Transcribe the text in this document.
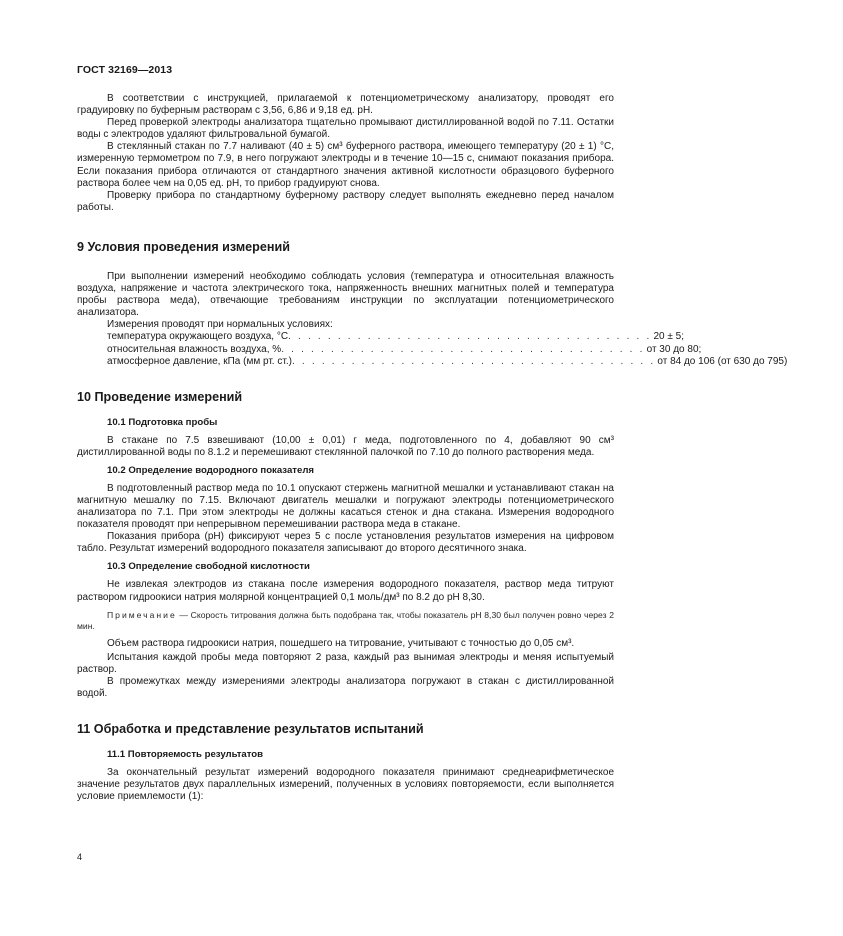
ГОСТ 32169—2013

В соответствии с инструкцией, прилагаемой к потенциометрическому анализатору, проводят его градуировку по буферным растворам с 3,56, 6,86 и 9,18 ед. pH.

Перед проверкой электроды анализатора тщательно промывают дистиллированной водой по 7.11. Остатки воды с электродов удаляют фильтровальной бумагой.

В стеклянный стакан по 7.7 наливают (40 ± 5) см³ буферного раствора, имеющего температуру (20 ± 1) °С, измеренную термометром по 7.9, в него погружают электроды и в течение 10—15 с, снимают показания прибора. Если показания прибора отличаются от стандартного значения активной кислотности образцового буферного раствора более чем на 0,05 ед. pH, то прибор градуируют снова.

Проверку прибора по стандартному буферному раствору следует выполнять ежедневно перед началом работы.

9 Условия проведения измерений

При выполнении измерений необходимо соблюдать условия (температура и относительная влажность воздуха, напряжение и частота электрического тока, напряженность внешних магнитных полей и температура пробы раствора меда), отвечающие требованиям инструкции по эксплуатации потенциометрического анализатора.

Измерения проводят при нормальных условиях:

температура окружающего воздуха, °С . . . . . . . . . . . . . . . . . . . . . . . . . . . . . . . . . . . . . 20 ± 5;
относительная влажность воздуха, % . . . . . . . . . . . . . . . . . . . . . . . . . . . . . . . . . . . . . от 30 до 80;
атмосферное давление, кПа (мм рт. ст.) . . . . . . . . . . . . . . . . . . . . . . . . . . . . . . . . . . . . . от 84 до 106 (от 630 до 795)
10 Проведение измерений
10.1 Подготовка пробы

В стакане по 7.5 взвешивают (10,00 ± 0,01) г меда, подготовленного по 4, добавляют 90 см³ дистиллированной воды по 8.1.2 и перемешивают стеклянной палочкой по 7.10 до полного растворения меда.

10.2 Определение водородного показателя

В подготовленный раствор меда по 10.1 опускают стержень магнитной мешалки и устанавливают стакан на магнитную мешалку по 7.15. Включают двигатель мешалки и погружают электроды потенциометрического анализатора по 7.1. При этом электроды не должны касаться стенок и дна стакана. Измерения водородного показателя проводят при непрерывном перемешивании раствора меда в стакане.

Показания прибора (pH) фиксируют через 5 с после установления результатов измерения на цифровом табло. Результат измерений водородного показателя записывают до второго десятичного знака.

10.3 Определение свободной кислотности

Не извлекая электродов из стакана после измерения водородного показателя, раствор меда титруют раствором гидроокиси натрия молярной концентрацией 0,1 моль/дм³ по 8.2 до pH 8,30.

Примечание — Скорость титрования должна быть подобрана так, чтобы показатель pH 8,30 был получен ровно через 2 мин.

Объем раствора гидроокиси натрия, пошедшего на титрование, учитывают с точностью до 0,05 см³.

Испытания каждой пробы меда повторяют 2 раза, каждый раз вынимая электроды и меняя испытуемый раствор.

В промежутках между измерениями электроды анализатора погружают в стакан с дистиллированной водой.

11 Обработка и представление результатов испытаний
11.1 Повторяемость результатов

За окончательный результат измерений водородного показателя принимают среднеарифметическое значение результатов двух параллельных измерений, полученных в условиях повторяемости, если выполняется условие приемлемости (1):

4
